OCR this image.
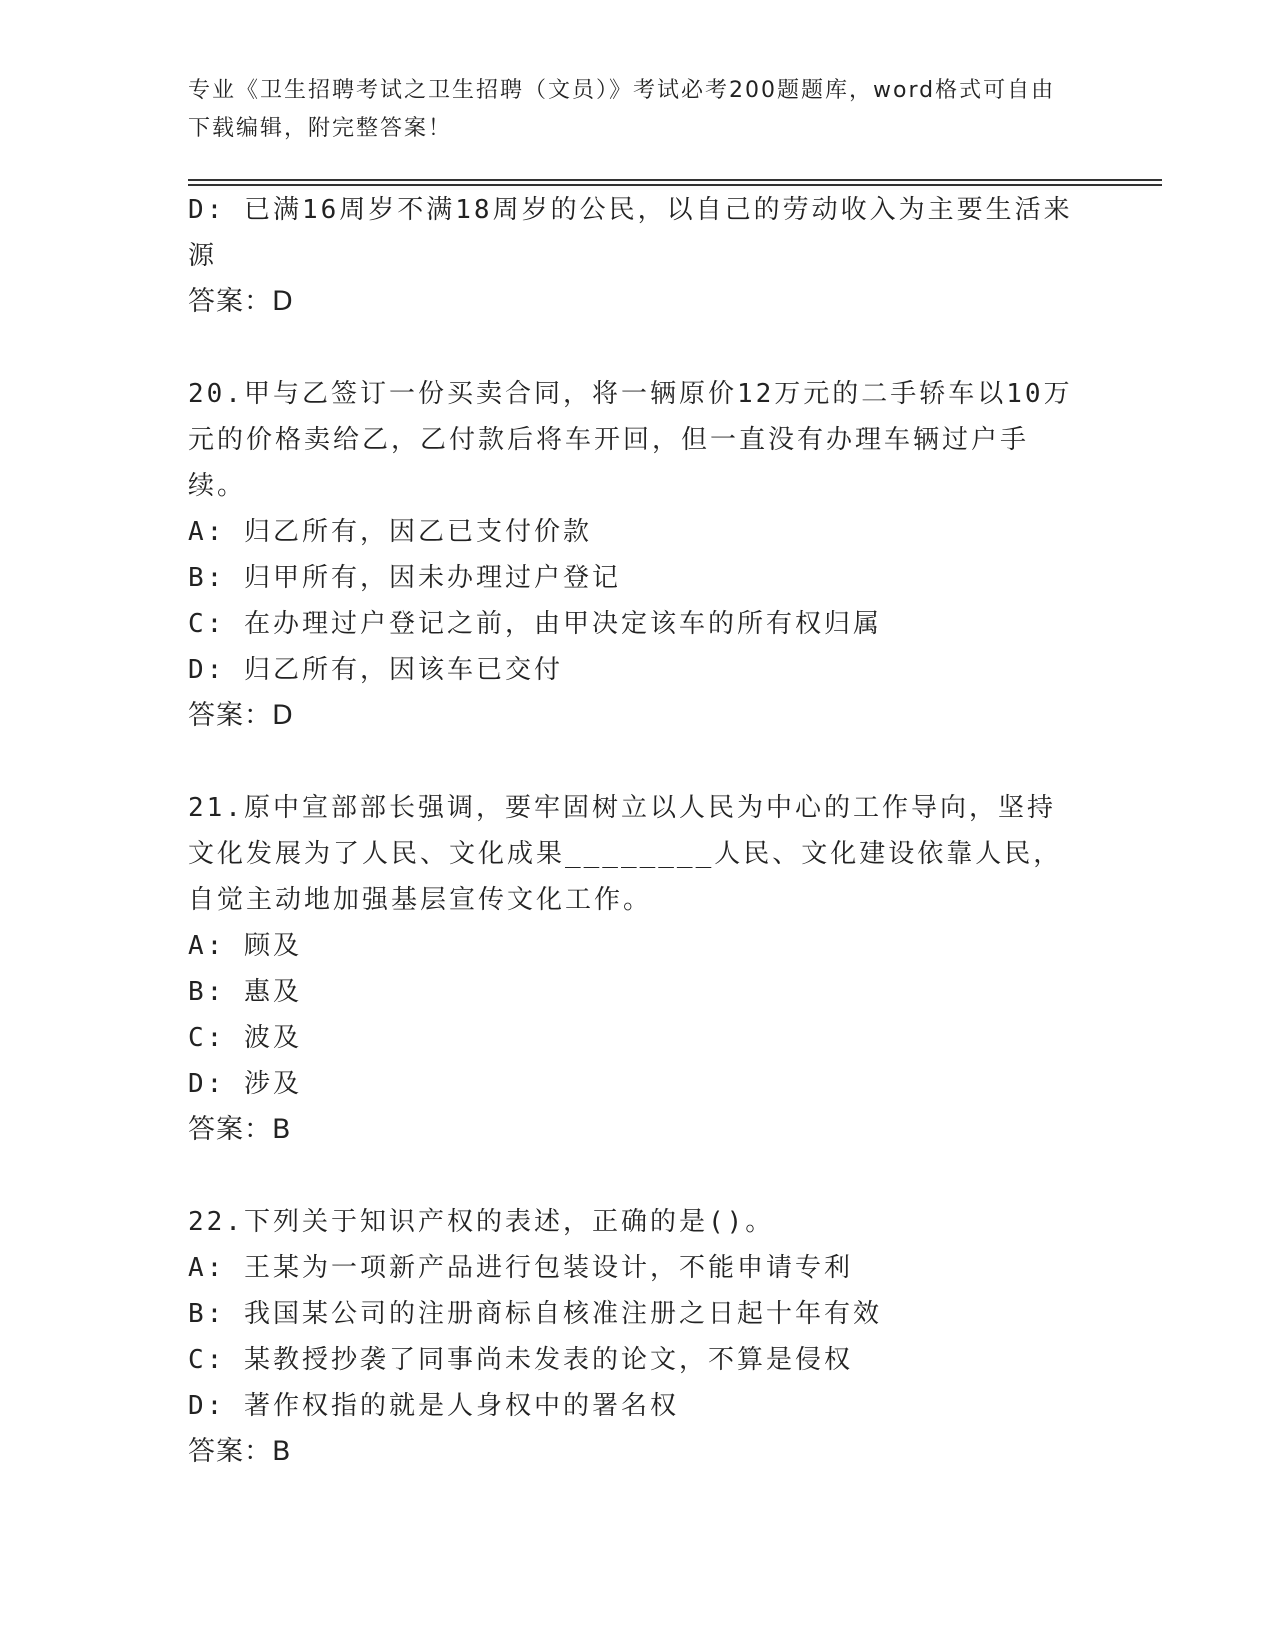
专业《卫生招聘考试之卫生招聘（文员）》考试必考200题题库，word格式可自由下载编辑，附完整答案！
D: 已满16周岁不满18周岁的公民，以自己的劳动收入为主要生活来源
答案：D
20.甲与乙签订一份买卖合同，将一辆原价12万元的二手轿车以10万元的价格卖给乙，乙付款后将车开回，但一直没有办理车辆过户手续。
A: 归乙所有，因乙已支付价款
B: 归甲所有，因未办理过户登记
C: 在办理过户登记之前，由甲决定该车的所有权归属
D: 归乙所有，因该车已交付
答案：D
21.原中宣部部长强调，要牢固树立以人民为中心的工作导向，坚持文化发展为了人民、文化成果________人民、文化建设依靠人民，自觉主动地加强基层宣传文化工作。
A: 顾及
B: 惠及
C: 波及
D: 涉及
答案：B
22.下列关于知识产权的表述，正确的是()。
A: 王某为一项新产品进行包装设计，不能申请专利
B: 我国某公司的注册商标自核准注册之日起十年有效
C: 某教授抄袭了同事尚未发表的论文，不算是侵权
D: 著作权指的就是人身权中的署名权
答案：B
